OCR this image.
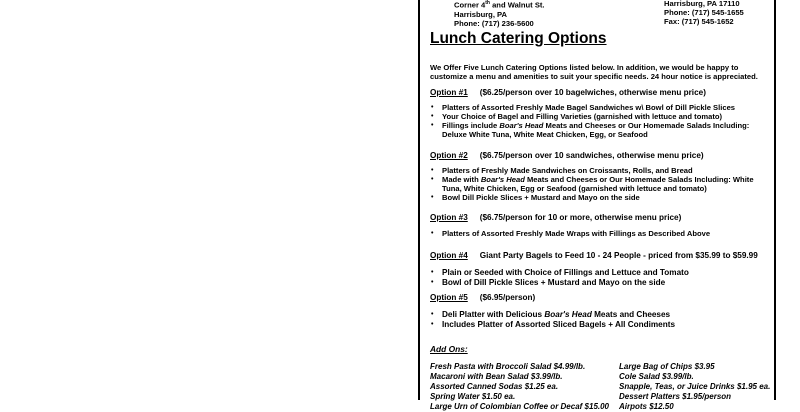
Corner 4th and Walnut St.
Harrisburg, PA
Phone: (717) 236-5600
Harrisburg, PA 17110
Phone: (717) 545-1655
Fax: (717) 545-1652
Lunch Catering Options
We Offer Five Lunch Catering Options listed below. In addition, we would be happy to customize a menu and amenities to suit your specific needs. 24 hour notice is appreciated.
Option #1 ($6.25/person over 10 bagelwiches, otherwise menu price)
• Platters of Assorted Freshly Made Bagel Sandwiches w\ Bowl of Dill Pickle Slices
• Your Choice of Bagel and Filling Varieties (garnished with lettuce and tomato)
• Fillings include Boar's Head Meats and Cheeses or Our Homemade Salads Including: Deluxe White Tuna, White Meat Chicken, Egg, or Seafood
Option #2 ($6.75/person over 10 sandwiches, otherwise menu price)
• Platters of Freshly Made Sandwiches on Croissants, Rolls, and Bread
• Made with Boar's Head Meats and Cheeses or Our Homemade Salads Including: White Tuna, White Chicken, Egg or Seafood (garnished with lettuce and tomato)
• Bowl Dill Pickle Slices + Mustard and Mayo on the side
Option #3 ($6.75/person for 10 or more, otherwise menu price)
• Platters of Assorted Freshly Made Wraps with Fillings as Described Above
Option #4 Giant Party Bagels to Feed 10 - 24 People - priced from $35.99 to $59.99
• Plain or Seeded with Choice of Fillings and Lettuce and Tomato
• Bowl of Dill Pickle Slices + Mustard and Mayo on the side
Option #5 ($6.95/person)
• Deli Platter with Delicious Boar's Head Meats and Cheeses
• Includes Platter of Assorted Sliced Bagels + All Condiments
Add Ons:
Fresh Pasta with Broccoli Salad $4.99/lb.
Macaroni with Bean Salad $3.99/lb.
Assorted Canned Sodas $1.25 ea.
Spring Water $1.50 ea.
Large Urn of Colombian Coffee or Decaf $15.00
Large Bag of Chips $3.95
Cole Salad $3.99/lb.
Snapple, Teas, or Juice Drinks $1.95 ea.
Dessert Platters $1.95/person
Airpots $12.50
